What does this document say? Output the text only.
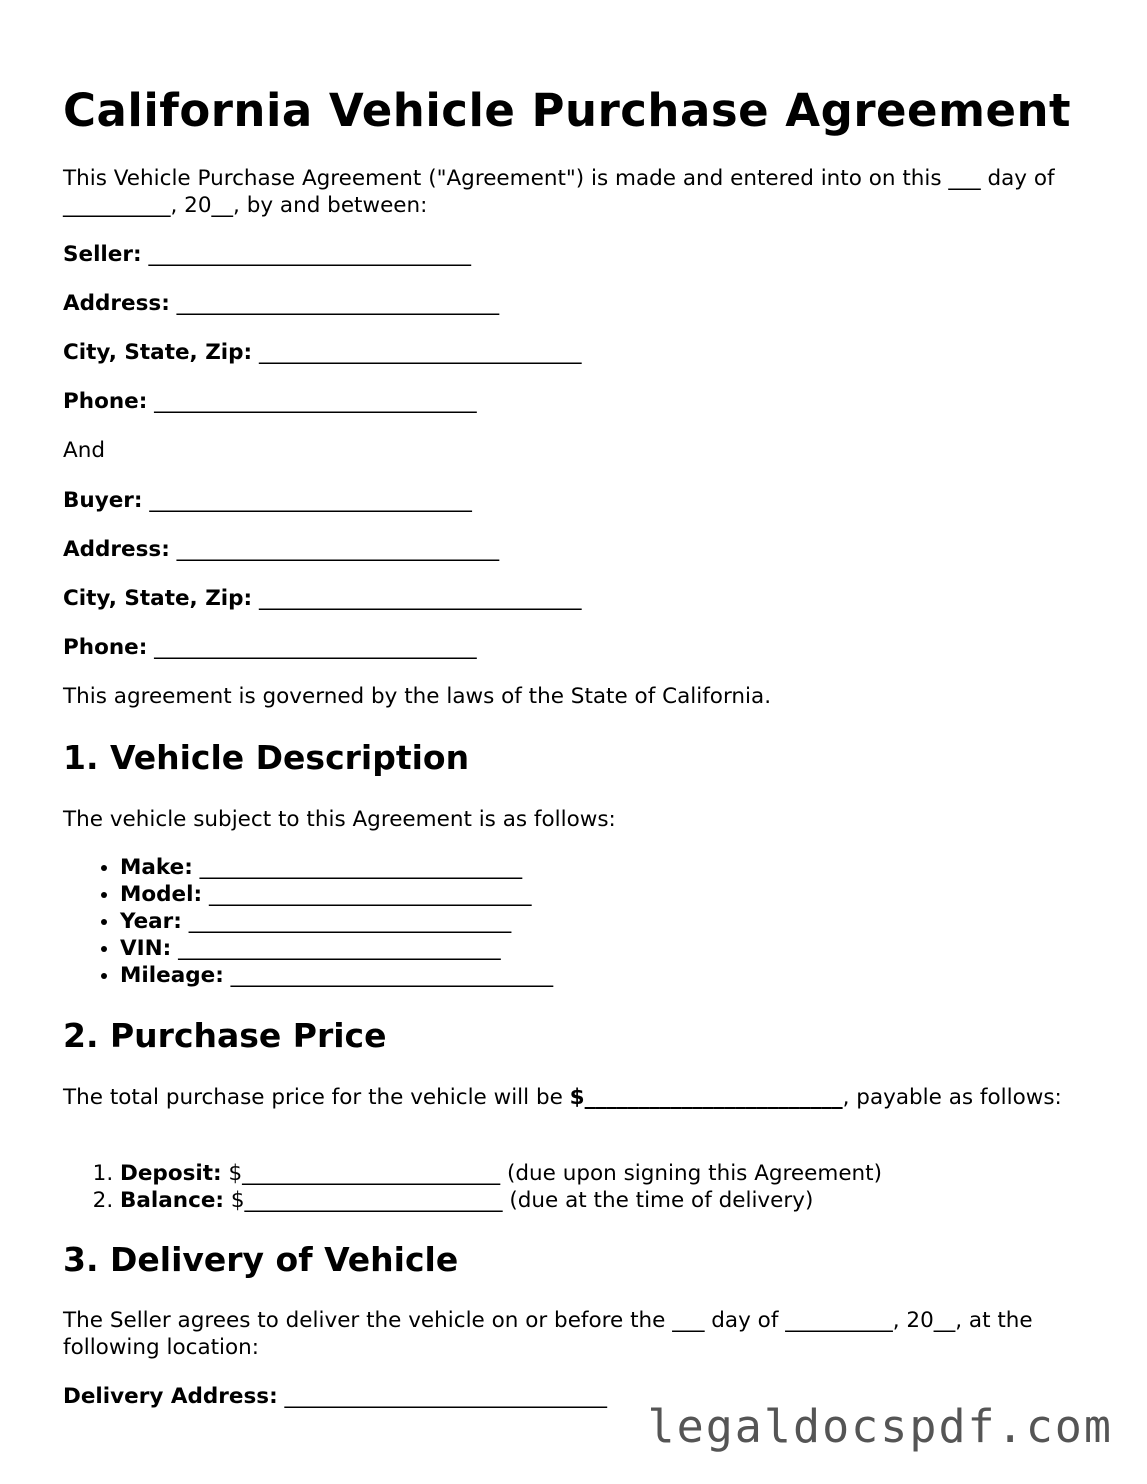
California Vehicle Purchase Agreement

This Vehicle Purchase Agreement ("Agreement") is made and entered into on this ___ day of __________, 20__, by and between:

Seller: ______________________________

Address: ______________________________

City, State, Zip: ______________________________

Phone: ______________________________

And

Buyer: ______________________________

Address: ______________________________

City, State, Zip: ______________________________

Phone: ______________________________

This agreement is governed by the laws of the State of California.

1. Vehicle Description

The vehicle subject to this Agreement is as follows:

• Make: ______________________________
• Model: ______________________________
• Year: ______________________________
• VIN: ______________________________
• Mileage: ______________________________
2. Purchase Price

The total purchase price for the vehicle will be $________________________, payable as follows:

1. Deposit: $________________________ (due upon signing this Agreement)
2. Balance: $________________________ (due at the time of delivery)
3. Delivery of Vehicle

The Seller agrees to deliver the vehicle on or before the ___ day of __________, 20__, at the following location:

Delivery Address: ______________________________

legaldocspdf.com
